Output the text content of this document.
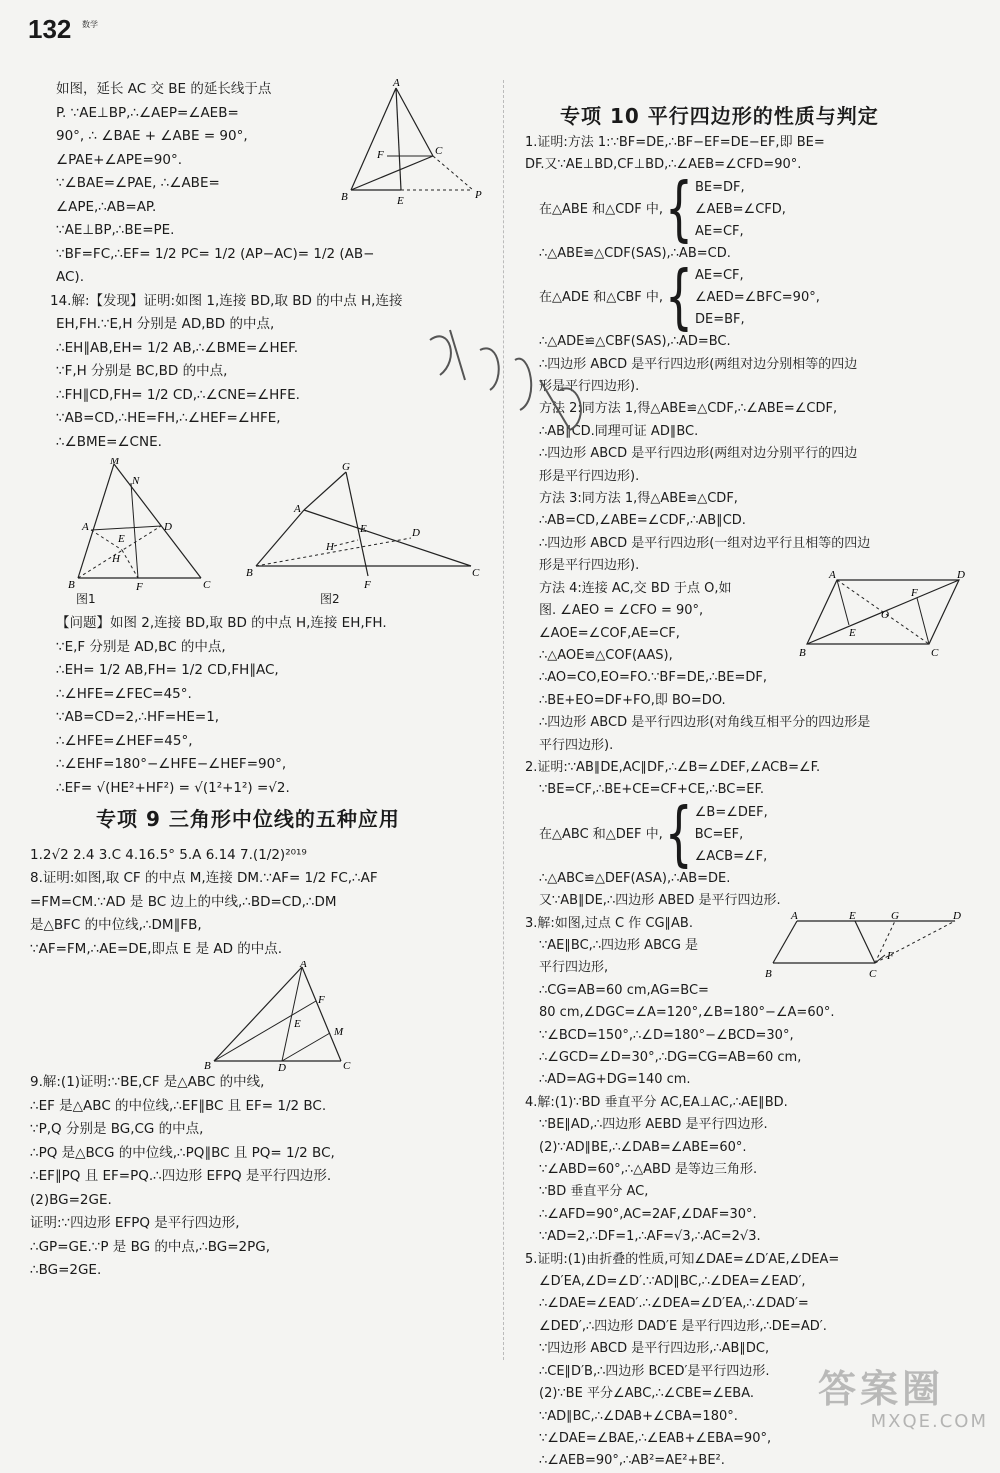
132 数学
如图，延长 AC 交 BE 的延长线于点
P. ∵AE⊥BP,∴∠AEP=∠AEB=
90°, ∴ ∠BAE + ∠ABE = 90°,
∠PAE+∠APE=90°.
∵∠BAE=∠PAE, ∴∠ABE=
∠APE,∴AB=AP.
∵AE⊥BP,∴BE=PE.
∵BF=FC,∴EF= 1/2 PC= 1/2 (AP−AC)= 1/2 (AB−
AC).
A
B
C
E
F
P
14.解:【发现】证明:如图 1,连接 BD,取 BD 的中点 H,连接
EH,FH.∵E,H 分别是 AD,BD 的中点,
∴EH∥AB,EH= 1/2 AB,∴∠BME=∠HEF.
∵F,H 分别是 BC,BD 的中点,
∴FH∥CD,FH= 1/2 CD,∴∠CNE=∠HFE.
∵AB=CD,∴HE=FH,∴∠HEF=∠HFE,
∴∠BME=∠CNE.
M
N
A	D
E
H
B	F	C
图1
G
A
E
H
D
B
F
C
图2
【问题】如图 2,连接 BD,取 BD 的中点 H,连接 EH,FH.
∵E,F 分别是 AD,BC 的中点,
∴EH= 1/2 AB,FH= 1/2 CD,FH∥AC,
∴∠HFE=∠FEC=45°.
∵AB=CD=2,∴HF=HE=1,
∴∠HFE=∠HEF=45°,
∴∠EHF=180°−∠HFE−∠HEF=90°,
∴EF= √(HE²+HF²) = √(1²+1²) =√2.
专项 9 三角形中位线的五种应用
1.2√2 2.4 3.C 4.16.5° 5.A 6.14 7.(1/2)²⁰¹⁹
8.证明:如图,取 CF 的中点 M,连接 DM.∵AF= 1/2 FC,∴AF
=FM=CM.∵AD 是 BC 边上的中线,∴BD=CD,∴DM
是△BFC 的中位线,∴DM∥FB,
∵AF=FM,∴AE=DE,即点 E 是 AD 的中点.
A
F
E
M
B	D	C
9.解:(1)证明:∵BE,CF 是△ABC 的中线,
∴EF 是△ABC 的中位线,∴EF∥BC 且 EF= 1/2 BC.
∵P,Q 分别是 BG,CG 的中点,
∴PQ 是△BCG 的中位线,∴PQ∥BC 且 PQ= 1/2 BC,
∴EF∥PQ 且 EF=PQ.∴四边形 EFPQ 是平行四边形.
(2)BG=2GE.
证明:∵四边形 EFPQ 是平行四边形,
∴GP=GE.∵P 是 BG 的中点,∴BG=2PG,
∴BG=2GE.
专项 10 平行四边形的性质与判定
1.证明:方法 1:∵BF=DE,∴BF−EF=DE−EF,即 BE=
DF.又∵AE⊥BD,CF⊥BD,∴∠AEB=∠CFD=90°.
在△ABE 和△CDF 中, { BE=DF,
∠AEB=∠CFD,
AE=CF,
∴△ABE≌△CDF(SAS),∴AB=CD.
在△ADE 和△CBF 中, { AE=CF,
∠AED=∠BFC=90°,
DE=BF,
∴△ADE≌△CBF(SAS),∴AD=BC.
∴四边形 ABCD 是平行四边形(两组对边分别相等的四边
形是平行四边形).
方法 2:同方法 1,得△ABE≌△CDF,∴∠ABE=∠CDF,
∴AB∥CD.同理可证 AD∥BC.
∴四边形 ABCD 是平行四边形(两组对边分别平行的四边
形是平行四边形).
方法 3:同方法 1,得△ABE≌△CDF,
∴AB=CD,∠ABE=∠CDF,∴AB∥CD.
∴四边形 ABCD 是平行四边形(一组对边平行且相等的四边
形是平行四边形).
方法 4:连接 AC,交 BD 于点 O,如
图. ∠AEO = ∠CFO = 90°,
∠AOE=∠COF,AE=CF,
∴△AOE≌△COF(AAS),
A	D
B	C
E
F
O
∴AO=CO,EO=FO.∵BF=DE,∴BE=DF,
∴BE+EO=DF+FO,即 BO=DO.
∴四边形 ABCD 是平行四边形(对角线互相平分的四边形是
平行四边形).
2.证明:∵AB∥DE,AC∥DF,∴∠B=∠DEF,∠ACB=∠F.
∵BE=CF,∴BE+CE=CF+CE,∴BC=EF.
在△ABC 和△DEF 中, { ∠B=∠DEF,
BC=EF,
∠ACB=∠F,
∴△ABC≌△DEF(ASA),∴AB=DE.
又∵AB∥DE,∴四边形 ABED 是平行四边形.
3.解:如图,过点 C 作 CG∥AB.
∵AE∥BC,∴四边形 ABCG 是
平行四边形,
∴CG=AB=60 cm,AG=BC=
80 cm,∠DGC=∠A=120°,∠B=180°−∠A=60°.
∵∠BCD=150°,∴∠D=180°−∠BCD=30°,
∴∠GCD=∠D=30°,∴DG=CG=AB=60 cm,
∴AD=AG+DG=140 cm.
A	E	G	D
B	C
F
4.解:(1)∵BD 垂直平分 AC,EA⊥AC,∴AE∥BD.
∵BE∥AD,∴四边形 AEBD 是平行四边形.
(2)∵AD∥BE,∴∠DAB=∠ABE=60°.
∵∠ABD=60°,∴△ABD 是等边三角形.
∵BD 垂直平分 AC,
∴∠AFD=90°,AC=2AF,∠DAF=30°.
∵AD=2,∴DF=1,∴AF=√3,∴AC=2√3.
5.证明:(1)由折叠的性质,可知∠DAE=∠D′AE,∠DEA=
∠D′EA,∠D=∠D′.∵AD∥BC,∴∠DEA=∠EAD′,
∴∠DAE=∠EAD′.∴∠DEA=∠D′EA,∴∠DAD′=
∠DED′,∴四边形 DAD′E 是平行四边形,∴DE=AD′.
∵四边形 ABCD 是平行四边形,∴AB∥DC,
∴CE∥D′B,∴四边形 BCED′是平行四边形.
(2)∵BE 平分∠ABC,∴∠CBE=∠EBA.
∵AD∥BC,∴∠DAB+∠CBA=180°.
∵∠DAE=∠BAE,∴∠EAB+∠EBA=90°,
∴∠AEB=90°,∴AB²=AE²+BE².
答案圈
MXQE.COM
